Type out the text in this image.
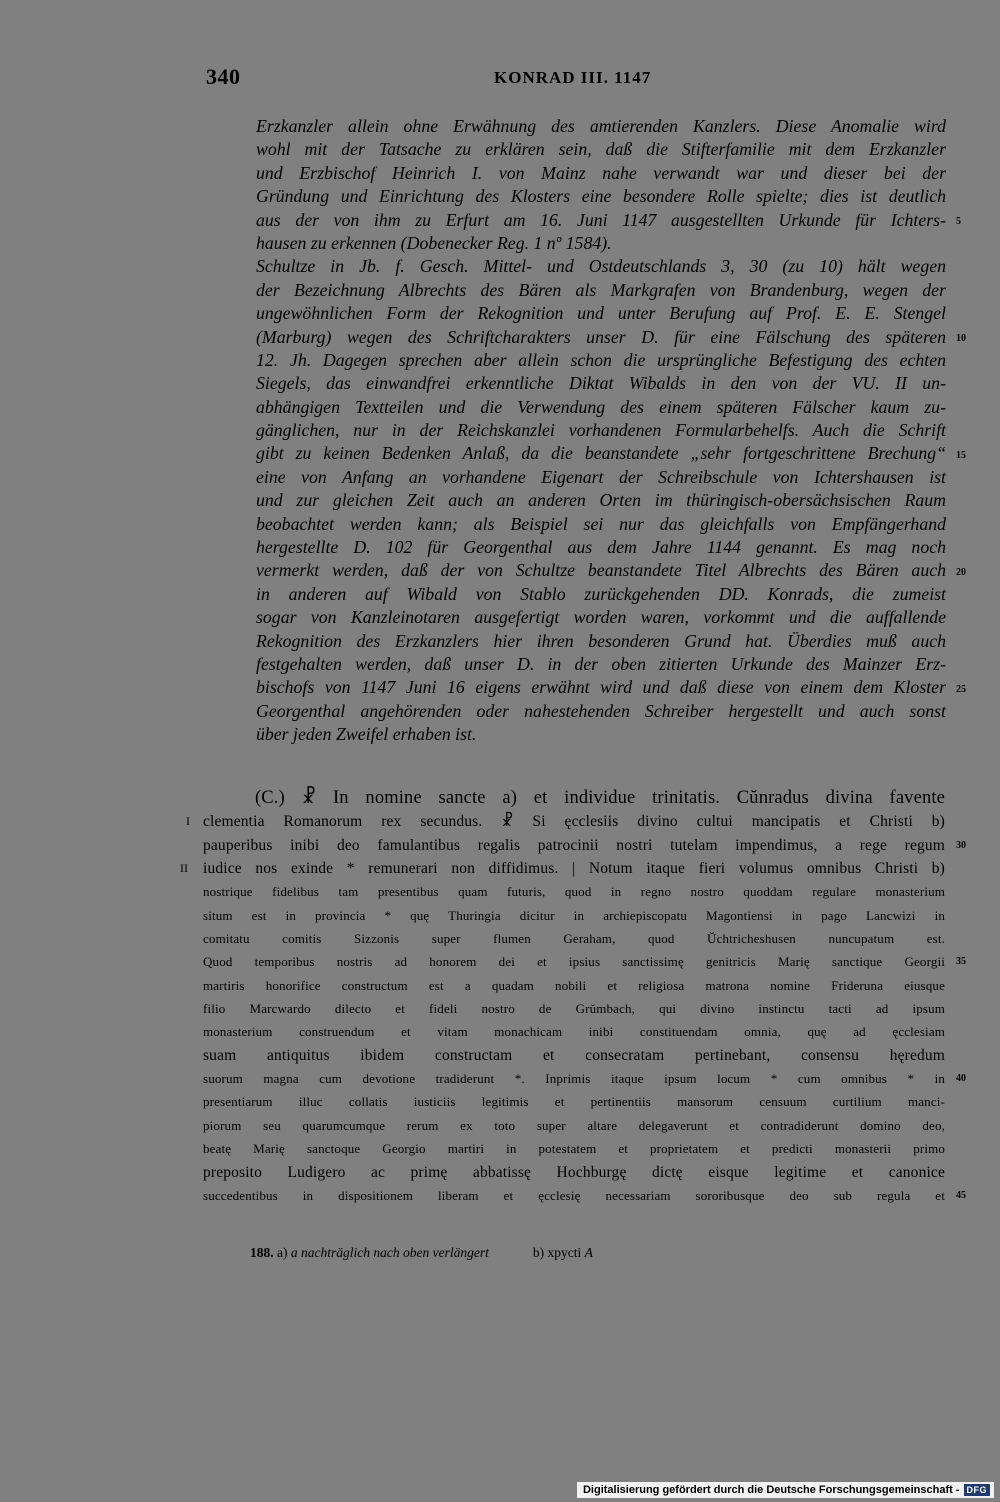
340	KONRAD III. 1147
Erzkanzler allein ohne Erwähnung des amtierenden Kanzlers. Diese Anomalie wird
wohl mit der Tatsache zu erklären sein, daß die Stifterfamilie mit dem Erzkanzler
und Erzbischof Heinrich I. von Mainz nahe verwandt war und dieser bei der
Gründung und Einrichtung des Klosters eine besondere Rolle spielte; dies ist deutlich
aus der von ihm zu Erfurt am 16. Juni 1147 ausgestellten Urkunde für Ichters-
hausen zu erkennen (Dobenecker Reg. 1 nº 1584).
Schultze in Jb. f. Gesch. Mittel- und Ostdeutschlands 3, 30 (zu 10) hält wegen
der Bezeichnung Albrechts des Bären als Markgrafen von Brandenburg, wegen der
ungewöhnlichen Form der Rekognition und unter Berufung auf Prof. E. E. Stengel
(Marburg) wegen des Schriftcharakters unser D. für eine Fälschung des späteren
12. Jh. Dagegen sprechen aber allein schon die ursprüngliche Befestigung des echten
Siegels, das einwandfrei erkenntliche Diktat Wibalds in den von der VU. II un-
abhängigen Textteilen und die Verwendung des einem späteren Fälscher kaum zu-
gänglichen, nur in der Reichskanzlei vorhandenen Formularbehelfs. Auch die Schrift
gibt zu keinen Bedenken Anlaß, da die beanstandete „sehr fortgeschrittene Brechung“
eine von Anfang an vorhandene Eigenart der Schreibschule von Ichtershausen ist
und zur gleichen Zeit auch an anderen Orten im thüringisch-obersächsischen Raum
beobachtet werden kann; als Beispiel sei nur das gleichfalls von Empfängerhand
hergestellte D. 102 für Georgenthal aus dem Jahre 1144 genannt. Es mag noch
vermerkt werden, daß der von Schultze beanstandete Titel Albrechts des Bären auch
in anderen auf Wibald von Stablo zurückgehenden DD. Konrads, die zumeist
sogar von Kanzleinotaren ausgefertigt worden waren, vorkommt und die auffallende
Rekognition des Erzkanzlers hier ihren besonderen Grund hat. Überdies muß auch
festgehalten werden, daß unser D. in der oben zitierten Urkunde des Mainzer Erz-
bischofs von 1147 Juni 16 eigens erwähnt wird und daß diese von einem dem Kloster
Georgenthal angehörenden oder nahestehenden Schreiber hergestellt und auch sonst
über jeden Zweifel erhaben ist.
5
10
15
20
25
(C.) ☧ In nomine sancte a) et individue trinitatis. Cŭnradus divina favente
clementia Romanorum rex secundus. ☧ Si ęcclesiis divino cultui mancipatis et Christi b)
pauperibus inibi deo famulantibus regalis patrocinii nostri tutelam impendimus, a rege regum
iudice nos exinde * remunerari non diffidimus. | Notum itaque fieri volumus omnibus Christi b)
nostrique fidelibus tam presentibus quam futuris, quod in regno nostro quoddam regulare monasterium
situm est in provincia * quę Thuringia dicitur in archiepiscopatu Magontiensi in pago Lancwizi in
comitatu comitis Sizzonis super flumen Geraham, quod Ŭchtricheshusen nuncupatum est.
Quod temporibus nostris ad honorem dei et ipsius sanctissimę genitricis Marię sanctique Georgii
martiris honorifice constructum est a quadam nobili et religiosa matrona nomine Frideruna eiusque
filio Marcwardo dilecto et fideli nostro de Grŭmbach, qui divino instinctu tacti ad ipsum
monasterium construendum et vitam monachicam inibi constituendam omnia, quę ad ęcclesiam
suam antiquitus ibidem constructam et consecratam pertinebant, consensu hęredum
suorum magna cum devotione tradiderunt *. Inprimis itaque ipsum locum * cum omnibus * in
presentiarum illuc collatis iusticiis legitimis et pertinentiis mansorum censuum curtilium manci-
piorum seu quarumcumque rerum ex toto super altare delegaverunt et contradiderunt domino deo,
beatę Marię sanctoque Georgio martiri in potestatem et proprietatem et predicti monasterii primo
preposito Ludigero ac primę abbatissę Hochburgę dictę eisque legitime et canonice
succedentibus in dispositionem liberam et ęcclesię necessariam sororibusque deo sub regula et
30
35
40
45
I
II
188. a) a nachträglich nach oben verlängert	b) xpycti A
Digitalisierung gefördert durch die Deutsche Forschungsgemeinschaft - DFG
